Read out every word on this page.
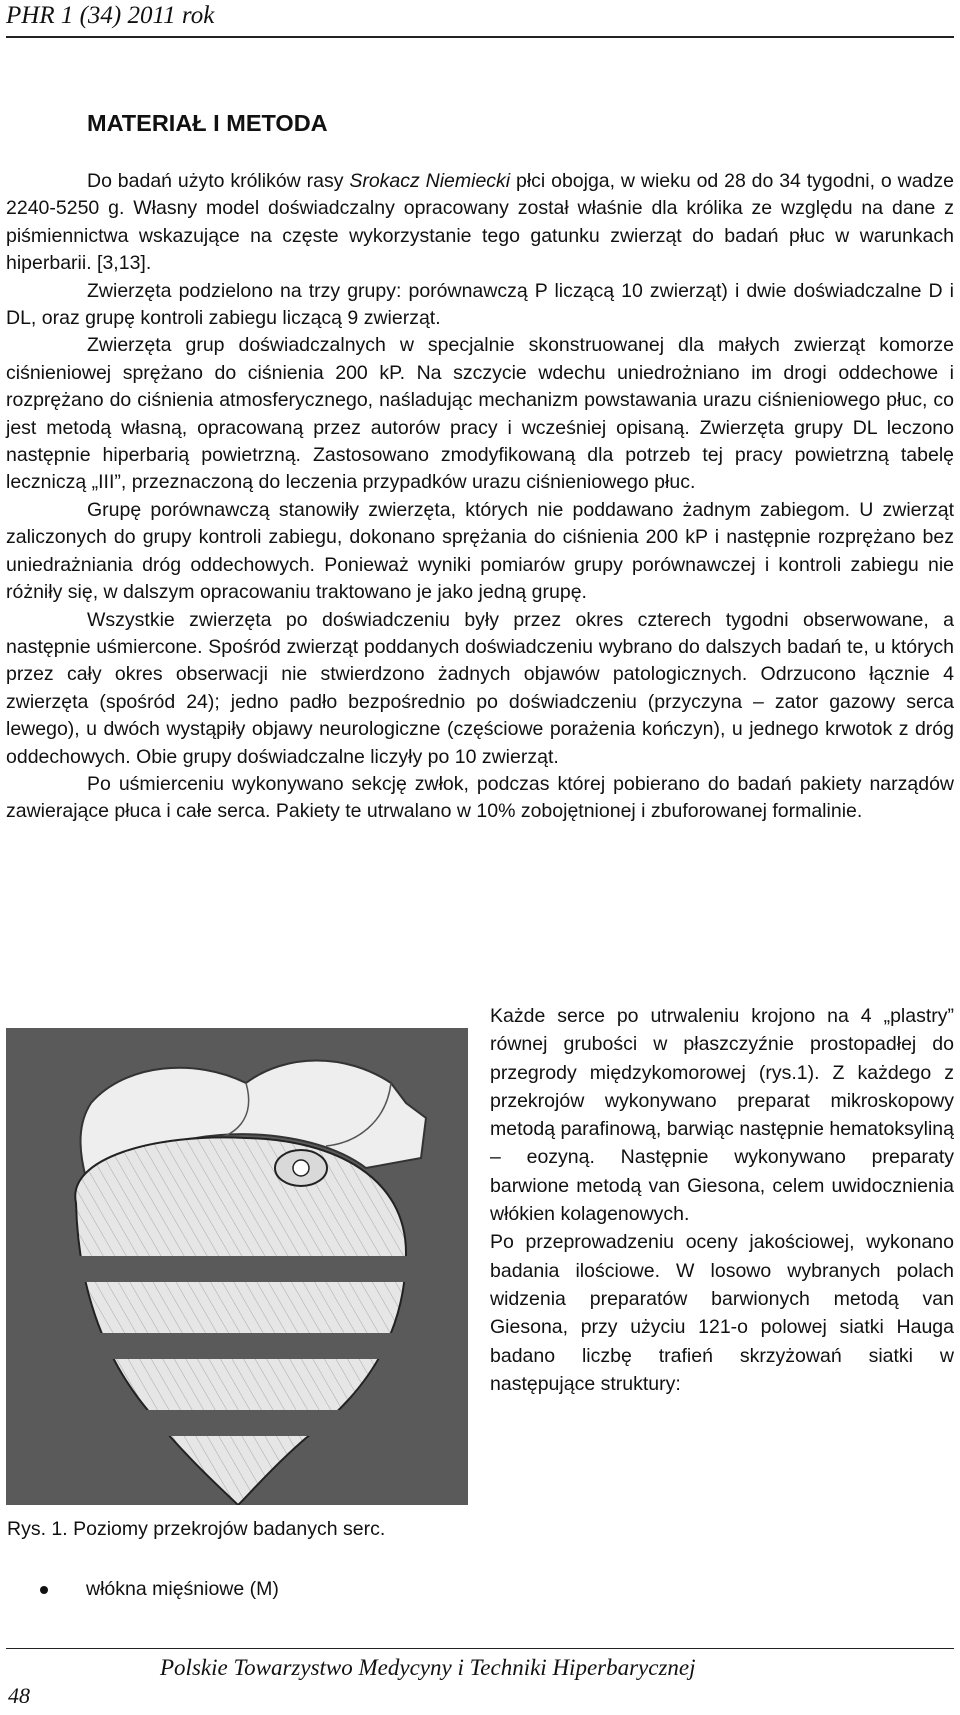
PHR 1 (34) 2011 rok
MATERIAŁ I METODA

Do badań użyto królików rasy Srokacz Niemiecki płci obojga, w wieku od 28 do 34 tygodni, o wadze 2240-5250 g. Własny model doświadczalny opracowany został właśnie dla królika ze względu na dane z piśmiennictwa wskazujące na częste wykorzystanie tego gatunku zwierząt do badań płuc w warunkach hiperbarii. [3,13].

Zwierzęta podzielono na trzy grupy: porównawczą P liczącą 10 zwierząt) i dwie doświadczalne D i DL, oraz grupę kontroli zabiegu liczącą 9 zwierząt.

Zwierzęta grup doświadczalnych w specjalnie skonstruowanej dla małych zwierząt komorze ciśnieniowej sprężano do ciśnienia 200 kP. Na szczycie wdechu uniedrożniano im drogi oddechowe i rozprężano do ciśnienia atmosferycznego, naśladując mechanizm powstawania urazu ciśnieniowego płuc, co jest metodą własną, opracowaną przez autorów pracy i wcześniej opisaną. Zwierzęta grupy DL leczono następnie hiperbarią powietrzną. Zastosowano zmodyfikowaną dla potrzeb tej pracy powietrzną tabelę leczniczą „III”, przeznaczoną do leczenia przypadków urazu ciśnieniowego płuc.

Grupę porównawczą stanowiły zwierzęta, których nie poddawano żadnym zabiegom. U zwierząt zaliczonych do grupy kontroli zabiegu, dokonano sprężania do ciśnienia 200 kP i następnie rozprężano bez uniedrażniania dróg oddechowych. Ponieważ wyniki pomiarów grupy porównawczej i kontroli zabiegu nie różniły się, w dalszym opracowaniu traktowano je jako jedną grupę.

Wszystkie zwierzęta po doświadczeniu były przez okres czterech tygodni obserwowane, a następnie uśmiercone. Spośród zwierząt poddanych doświadczeniu wybrano do dalszych badań te, u których przez cały okres obserwacji nie stwierdzono żadnych objawów patologicznych. Odrzucono łącznie 4 zwierzęta (spośród 24); jedno padło bezpośrednio po doświadczeniu (przyczyna – zator gazowy serca lewego), u dwóch wystąpiły objawy neurologiczne (częściowe porażenia kończyn), u jednego krwotok z dróg oddechowych. Obie grupy doświadczalne liczyły po 10 zwierząt.

Po uśmierceniu wykonywano sekcję zwłok, podczas której pobierano do badań pakiety narządów zawierające płuca i całe serca. Pakiety te utrwalano w 10% zobojętnionej i zbuforowanej formalinie.

Rys. 1. Poziomy przekrojów badanych serc.

Każde serce po utrwaleniu krojono na 4 „plastry” równej grubości w płaszczyźnie prostopadłej do przegrody międzykomorowej (rys.1). Z każdego z przekrojów wykonywano preparat mikroskopowy metodą parafinową, barwiąc następnie hematoksyliną – eozyną. Następnie wykonywano preparaty barwione metodą van Giesona, celem uwidocznienia włókien kolagenowych.

Po przeprowadzeniu oceny jakościowej, wykonano badania ilościowe. W losowo wybranych polach widzenia preparatów barwionych metodą van Giesona, przy użyciu 121-o polowej siatki Hauga badano liczbę trafień skrzyżowań siatki w następujące struktury:

włókna mięśniowe (M)
Polskie Towarzystwo Medycyny i Techniki Hiperbarycznej
48
